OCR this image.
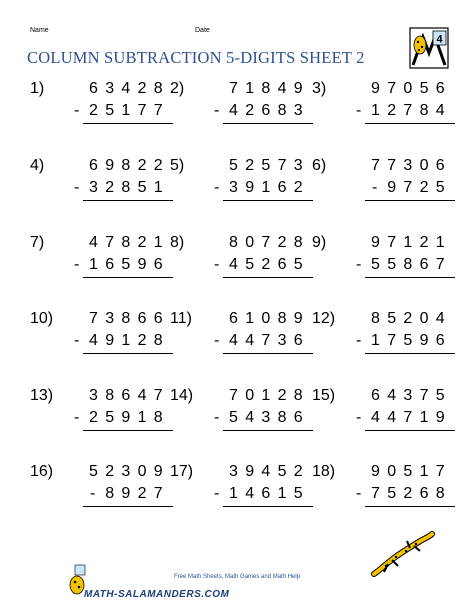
Name	Date
COLUMN SUBTRACTION 5-DIGITS SHEET 2
4
1)	63428
- 25177
2)	71849
- 42683
3)	97056
- 12784
4)	69822
- 32851
5)	52573
- 39162
6)	77306
- 9725
7)	47821
- 16596
8)	80728
- 45265
9)	97121
- 55867
10) 73866
- 49128
11) 61089
- 44736
12) 85204
- 17596
13) 38647
- 25918
14) 70128
- 54386
15) 64375
- 44719
16) 52309
- 8927
17) 39452
- 14615
18) 90517
- 75268
MATH-SALAMANDERS.COM
Free Math Sheets, Math Games and Math Help
